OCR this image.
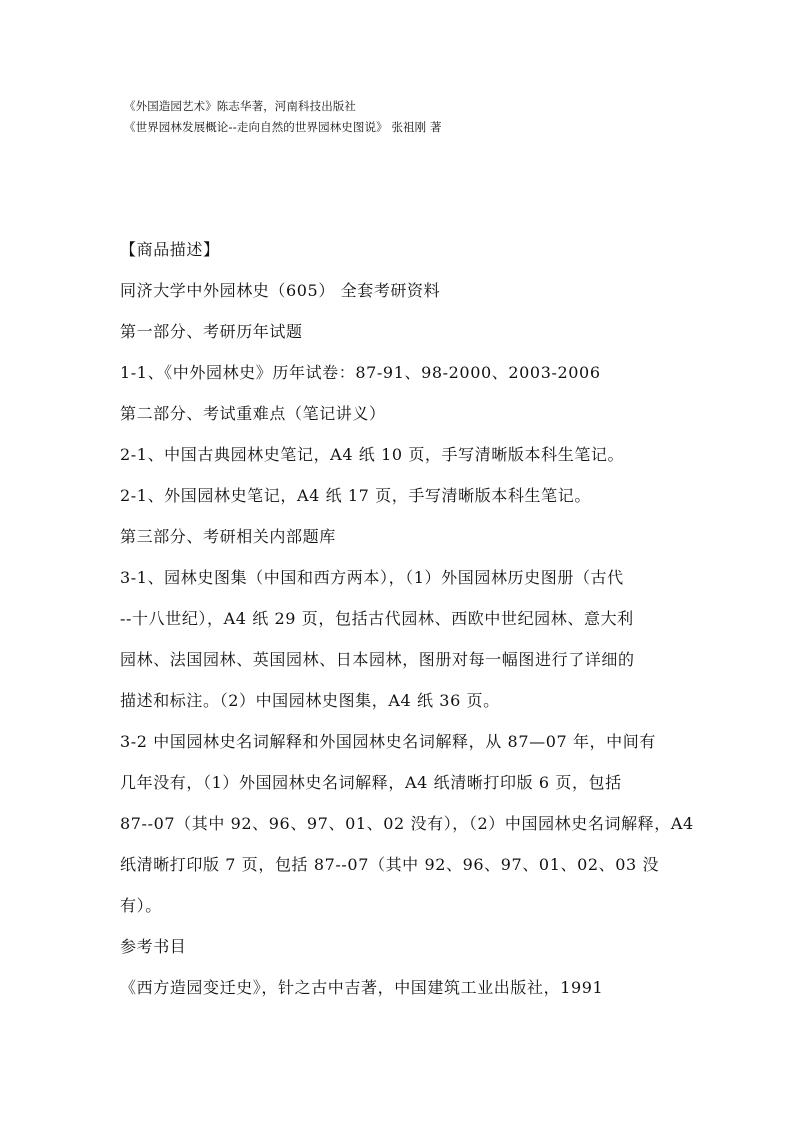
《外国造园艺术》陈志华著，河南科技出版社
《世界园林发展概论--走向自然的世界园林史图说》 张祖刚 著
【商品描述】
同济大学中外园林史（605） 全套考研资料
第一部分、考研历年试题
1-1、《中外园林史》历年试卷：87-91、98-2000、2003-2006
第二部分、考试重难点（笔记讲义）
2-1、中国古典园林史笔记，A4 纸 10 页，手写清晰版本科生笔记。
2-1、外国园林史笔记，A4 纸 17 页，手写清晰版本科生笔记。
第三部分、考研相关内部题库
3-1、园林史图集（中国和西方两本），（1）外国园林历史图册（古代
--十八世纪），A4 纸 29 页，包括古代园林、西欧中世纪园林、意大利
园林、法国园林、英国园林、日本园林，图册对每一幅图进行了详细的
描述和标注。（2）中国园林史图集，A4 纸 36 页。
3-2 中国园林史名词解释和外国园林史名词解释，从 87—07 年，中间有
几年没有，（1）外国园林史名词解释，A4 纸清晰打印版 6 页，包括
87--07（其中 92、96、97、01、02 没有），（2）中国园林史名词解释，A4
纸清晰打印版 7 页，包括 87--07（其中 92、96、97、01、02、03 没
有）。
参考书目
《西方造园变迁史》，针之古中吉著，中国建筑工业出版社，1991
